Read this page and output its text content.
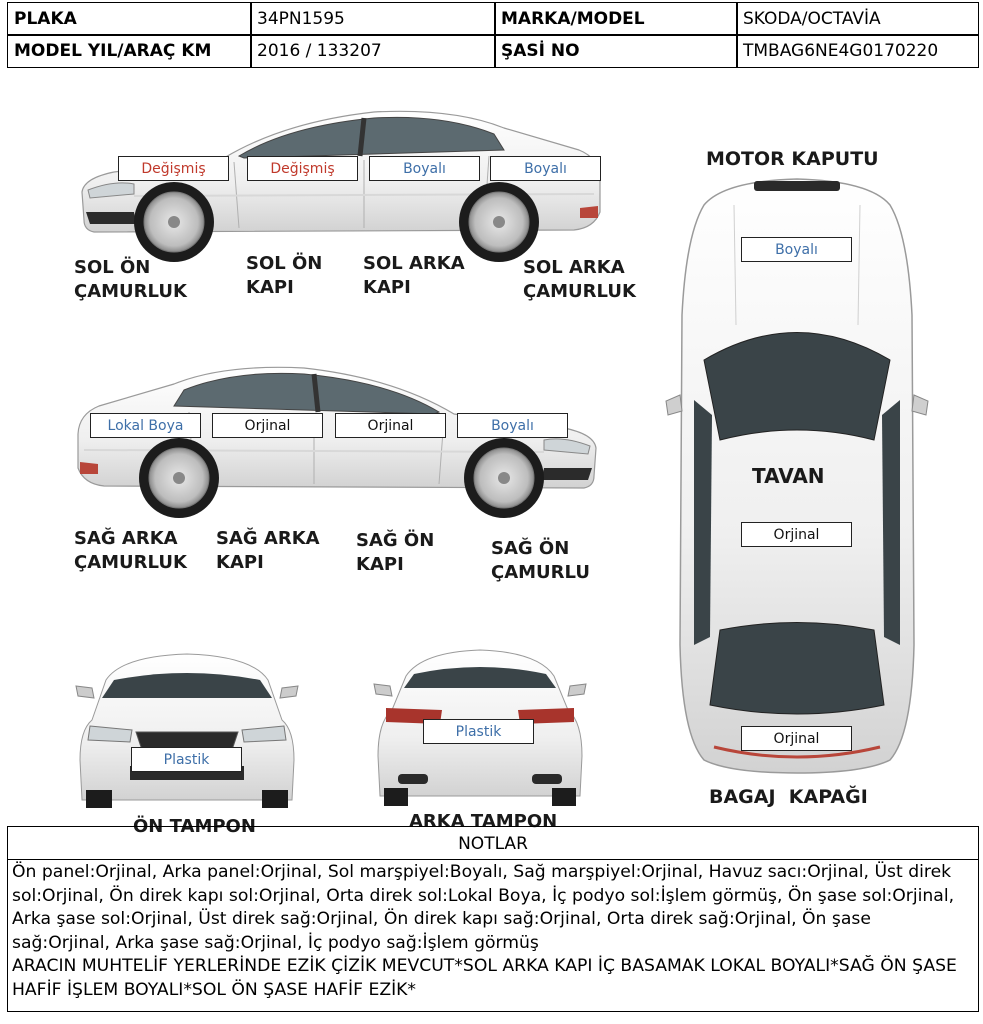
PLAKA	34PN1595	MARKA/MODEL	SKODA/OCTAVİA
MODEL YIL/ARAÇ KM	2016 / 133207	ŞASİ NO	TMBAG6NE4G0170220
Değişmiş	Değişmiş	Boyalı	Boyalı
SOL ÖN
ÇAMURLUK
SOL ÖN
KAPI
SOL ARKA
KAPI
SOL ARKA
ÇAMURLUK
Lokal Boya	Orjinal	Orjinal	Boyalı
SAĞ ARKA
ÇAMURLUK
SAĞ ARKA
KAPI
SAĞ ÖN
KAPI
SAĞ ÖN
ÇAMURLU
MOTOR KAPUTU
Boyalı
TAVAN
Orjinal
Orjinal
BAGAJ  KAPAĞI
Plastik
ÖN TAMPON
Plastik
ARKA TAMPON
NOTLAR
Ön panel:Orjinal, Arka panel:Orjinal, Sol marşpiyel:Boyalı, Sağ marşpiyel:Orjinal, Havuz sacı:Orjinal, Üst direk sol:Orjinal, Ön direk kapı sol:Orjinal, Orta direk sol:Lokal Boya, İç podyo sol:İşlem görmüş, Ön şase sol:Orjinal, Arka şase sol:Orjinal, Üst direk sağ:Orjinal, Ön direk kapı sağ:Orjinal, Orta direk sağ:Orjinal, Ön şase sağ:Orjinal, Arka şase sağ:Orjinal, İç podyo sağ:İşlem görmüş
ARACIN MUHTELİF YERLERİNDE EZİK ÇİZİK MEVCUT*SOL ARKA KAPI İÇ BASAMAK LOKAL BOYALI*SAĞ ÖN ŞASE HAFİF İŞLEM BOYALI*SOL ÖN ŞASE HAFİF EZİK*
